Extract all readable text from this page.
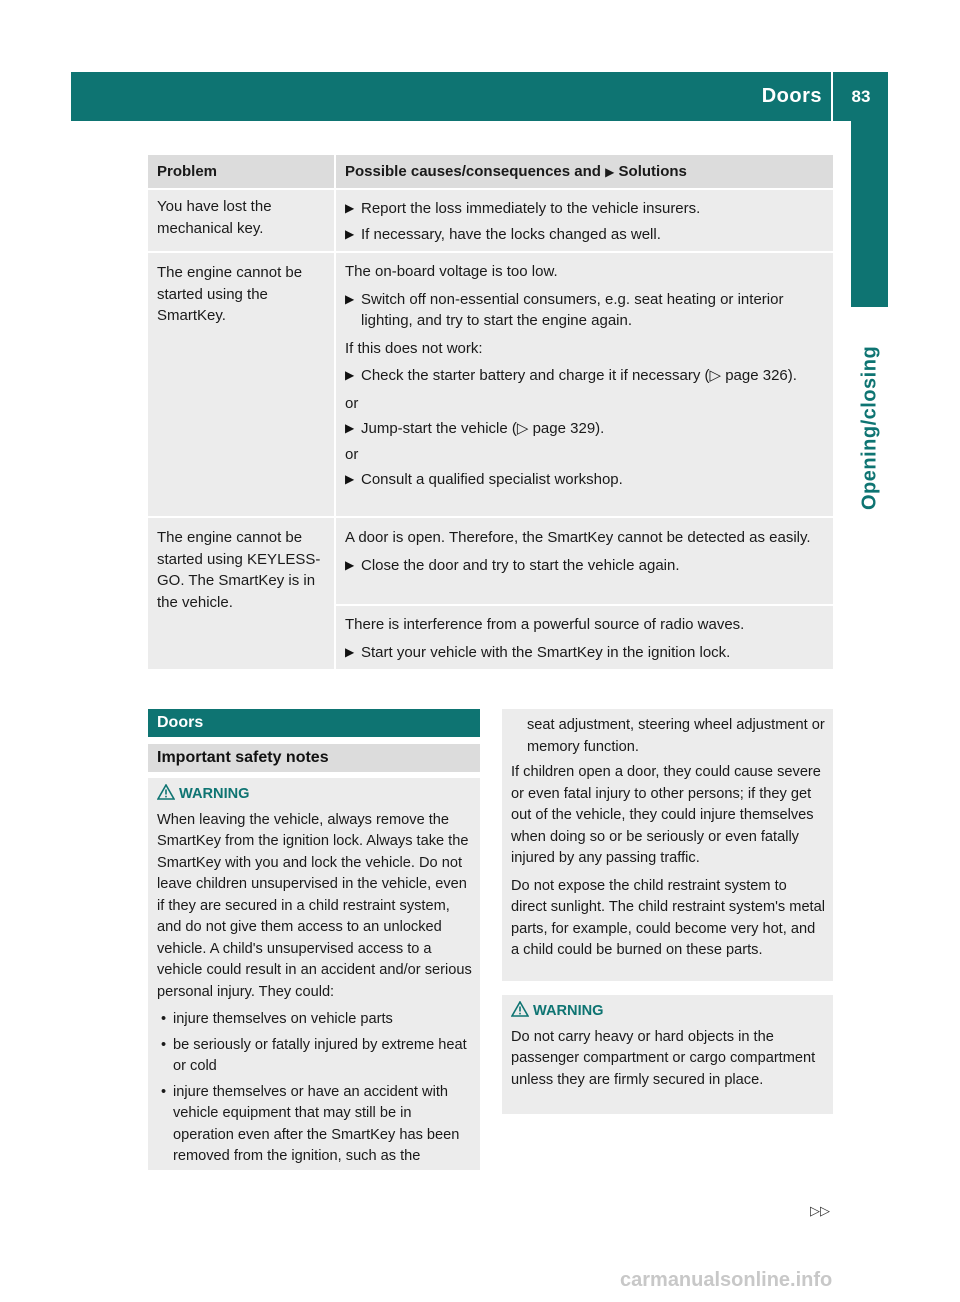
Doors	83
Opening/closing
Problem	Possible causes/consequences and ▶ Solutions
You have lost the mechanical key.
▶ Report the loss immediately to the vehicle insurers.
▶ If necessary, have the locks changed as well.
The engine cannot be started using the SmartKey.
The on-board voltage is too low.
▶ Switch off non-essential consumers, e.g. seat heating or interior lighting, and try to start the engine again.
If this does not work:
▶ Check the starter battery and charge it if necessary (▷ page 326).
or
▶ Jump-start the vehicle (▷ page 329).
or
▶ Consult a qualified specialist workshop.
The engine cannot be started using KEYLESS-GO. The SmartKey is in the vehicle.
A door is open. Therefore, the SmartKey cannot be detected as easily.
▶ Close the door and try to start the vehicle again.
There is interference from a powerful source of radio waves.
▶ Start your vehicle with the SmartKey in the ignition lock.
Doors
Important safety notes
WARNING
When leaving the vehicle, always remove the SmartKey from the ignition lock. Always take the SmartKey with you and lock the vehicle. Do not leave children unsupervised in the vehicle, even if they are secured in a child restraint system, and do not give them access to an unlocked vehicle. A child's unsupervised access to a vehicle could result in an accident and/or serious personal injury. They could:
• injure themselves on vehicle parts
• be seriously or fatally injured by extreme heat or cold
• injure themselves or have an accident with vehicle equipment that may still be in operation even after the SmartKey has been removed from the ignition, such as the
seat adjustment, steering wheel adjustment or memory function.
If children open a door, they could cause severe or even fatal injury to other persons; if they get out of the vehicle, they could injure themselves when doing so or be seriously or even fatally injured by any passing traffic.
Do not expose the child restraint system to direct sunlight. The child restraint system's metal parts, for example, could become very hot, and a child could be burned on these parts.
WARNING
Do not carry heavy or hard objects in the passenger compartment or cargo compartment unless they are firmly secured in place.
▷▷
carmanualsonline.info
